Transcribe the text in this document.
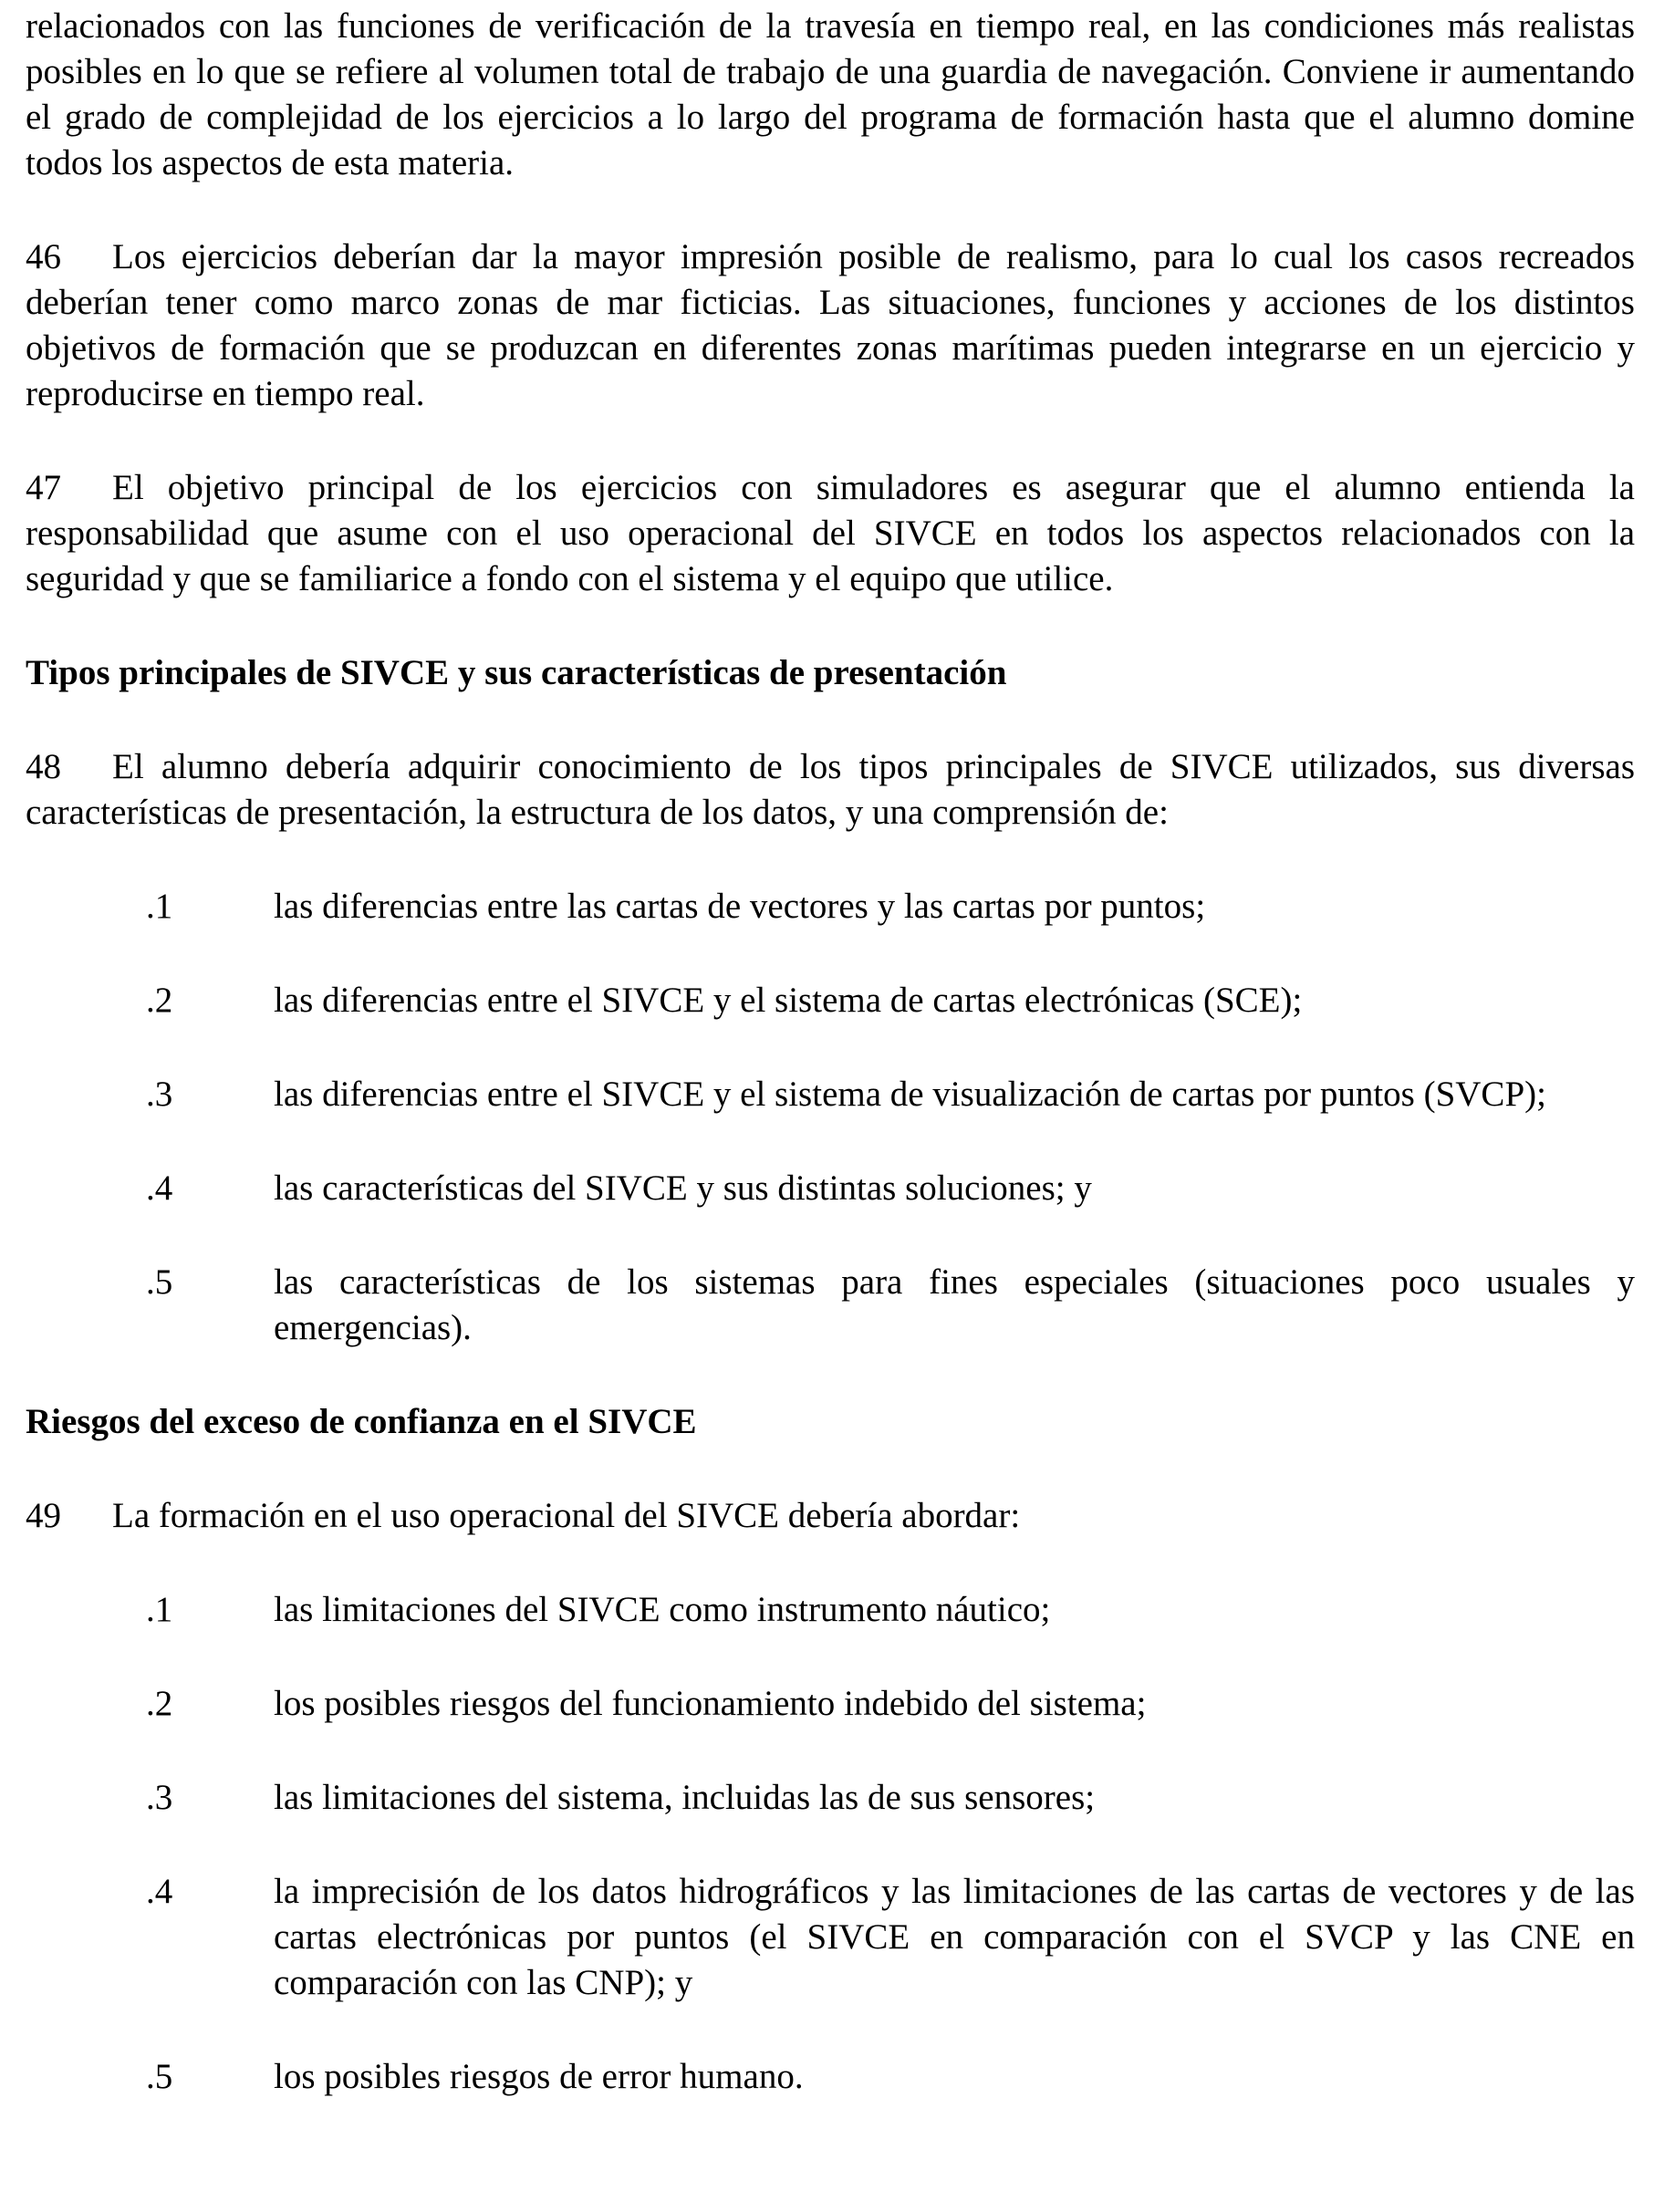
relacionados con las funciones de verificación de la travesía en tiempo real, en las condiciones más realistas posibles en lo que se refiere al volumen total de trabajo de una guardia de navegación. Conviene ir aumentando el grado de complejidad de los ejercicios a lo largo del programa de formación hasta que el alumno domine todos los aspectos de esta materia.

46 Los ejercicios deberían dar la mayor impresión posible de realismo, para lo cual los casos recreados deberían tener como marco zonas de mar ficticias. Las situaciones, funciones y acciones de los distintos objetivos de formación que se produzcan en diferentes zonas marítimas pueden integrarse en un ejercicio y reproducirse en tiempo real.

47 El objetivo principal de los ejercicios con simuladores es asegurar que el alumno entienda la responsabilidad que asume con el uso operacional del SIVCE en todos los aspectos relacionados con la seguridad y que se familiarice a fondo con el sistema y el equipo que utilice.

Tipos principales de SIVCE y sus características de presentación

48 El alumno debería adquirir conocimiento de los tipos principales de SIVCE utilizados, sus diversas características de presentación, la estructura de los datos, y una comprensión de:

.1	las diferencias entre las cartas de vectores y las cartas por puntos;
.2	las diferencias entre el SIVCE y el sistema de cartas electrónicas (SCE);
.3	las diferencias entre el SIVCE y el sistema de visualización de cartas por puntos (SVCP);
.4	las características del SIVCE y sus distintas soluciones; y
.5	las características de los sistemas para fines especiales (situaciones poco usuales y emergencias).

Riesgos del exceso de confianza en el SIVCE

49 La formación en el uso operacional del SIVCE debería abordar:

.1	las limitaciones del SIVCE como instrumento náutico;
.2	los posibles riesgos del funcionamiento indebido del sistema;
.3	las limitaciones del sistema, incluidas las de sus sensores;
.4	la imprecisión de los datos hidrográficos y las limitaciones de las cartas de vectores y de las cartas electrónicas por puntos (el SIVCE en comparación con el SVCP y las CNE en comparación con las CNP); y
.5	los posibles riesgos de error humano.
